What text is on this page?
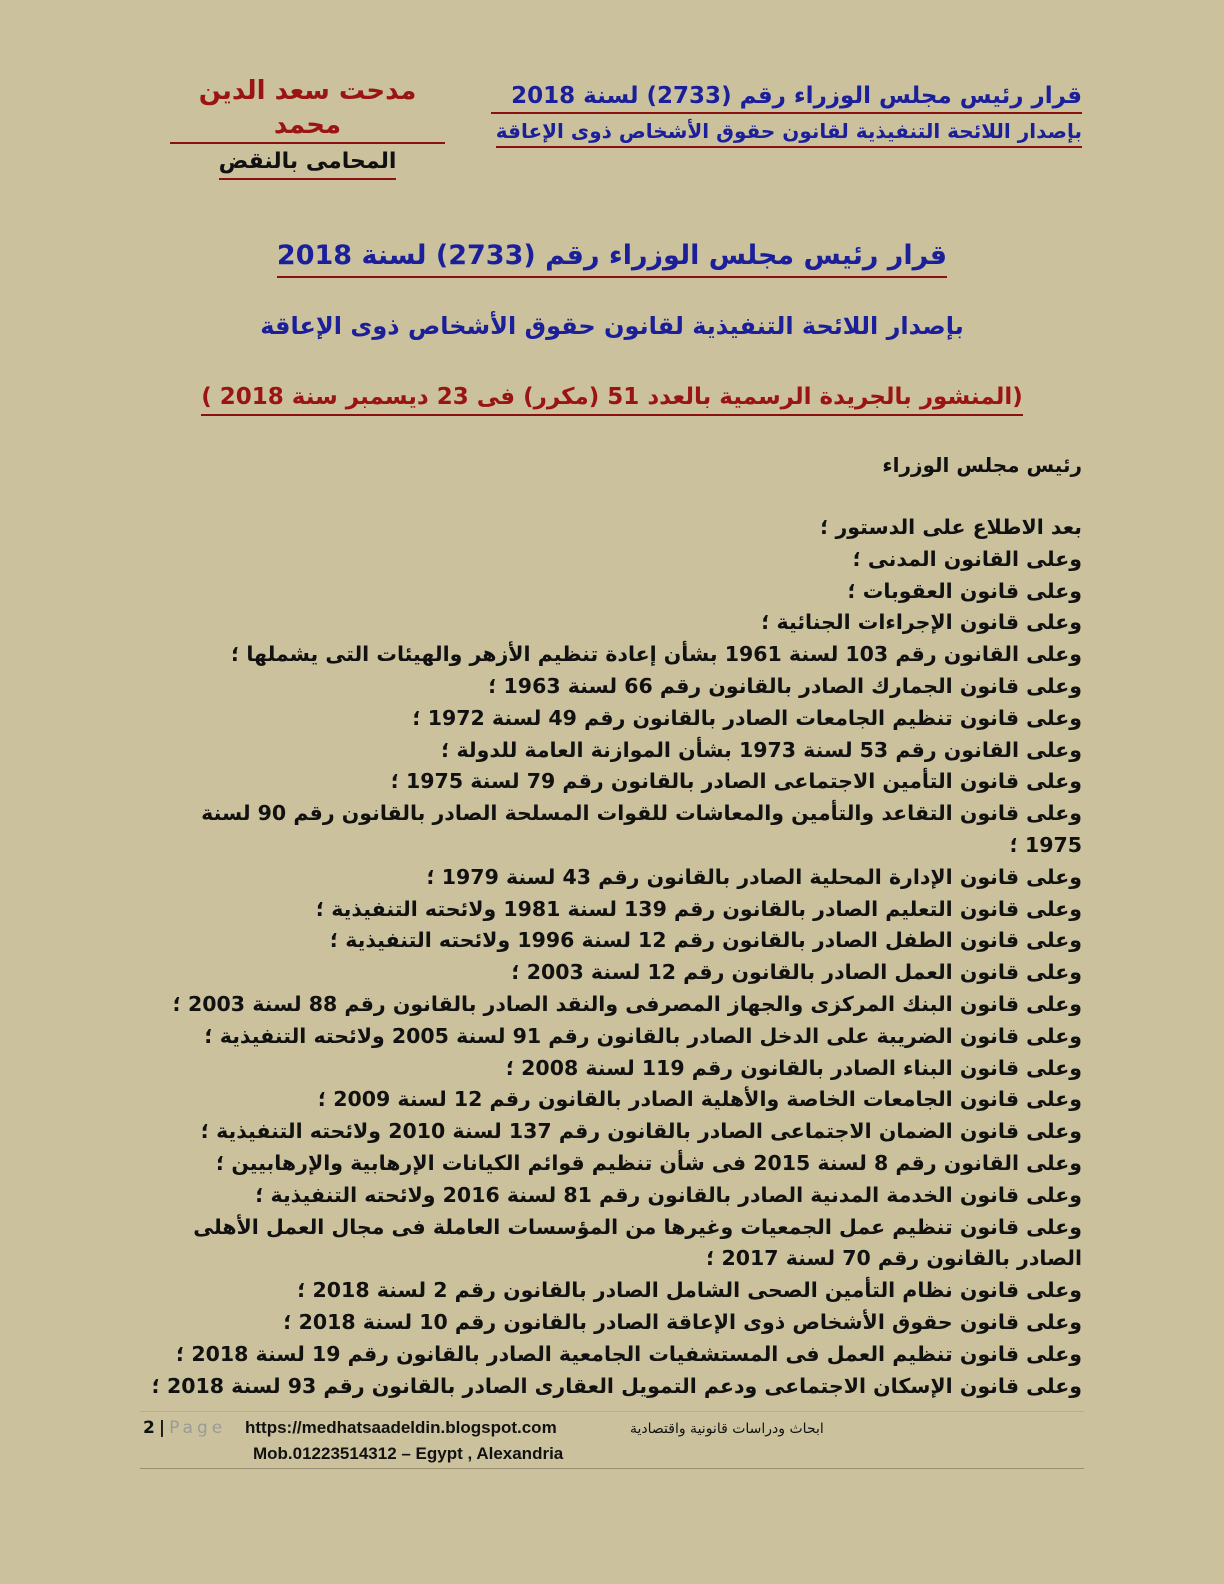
قرار رئيس مجلس الوزراء رقم (2733) لسنة 2018
بإصدار اللائحة التنفيذية لقانون حقوق الأشخاص ذوى الإعاقة
مدحت سعد الدين محمد
المحامى بالنقض
قرار رئيس مجلس الوزراء رقم (2733) لسنة 2018
بإصدار اللائحة التنفيذية لقانون حقوق الأشخاص ذوى الإعاقة
(المنشور بالجريدة الرسمية بالعدد 51 (مكرر) فى 23 ديسمبر سنة 2018 )
رئيس مجلس الوزراء
بعد الاطلاع على الدستور ؛
وعلى القانون المدنى ؛
وعلى قانون العقوبات ؛
وعلى قانون الإجراءات الجنائية ؛
وعلى القانون رقم 103 لسنة 1961 بشأن إعادة تنظيم الأزهر والهيئات التى يشملها ؛
وعلى قانون الجمارك الصادر بالقانون رقم 66 لسنة 1963 ؛
وعلى قانون تنظيم الجامعات الصادر بالقانون رقم 49 لسنة 1972 ؛
وعلى القانون رقم 53 لسنة 1973 بشأن الموازنة العامة للدولة ؛
وعلى قانون التأمين الاجتماعى الصادر بالقانون رقم 79 لسنة 1975 ؛
وعلى قانون التقاعد والتأمين والمعاشات للقوات المسلحة الصادر بالقانون رقم 90 لسنة 1975 ؛
وعلى قانون الإدارة المحلية الصادر بالقانون رقم 43 لسنة 1979 ؛
وعلى قانون التعليم الصادر بالقانون رقم 139 لسنة 1981 ولائحته التنفيذية ؛
وعلى قانون الطفل الصادر بالقانون رقم 12 لسنة 1996 ولائحته التنفيذية ؛
وعلى قانون العمل الصادر بالقانون رقم 12 لسنة 2003 ؛
وعلى قانون البنك المركزى والجهاز المصرفى والنقد الصادر بالقانون رقم 88 لسنة 2003 ؛
وعلى قانون الضريبة على الدخل الصادر بالقانون رقم 91 لسنة 2005 ولائحته التنفيذية ؛
وعلى قانون البناء الصادر بالقانون رقم 119 لسنة 2008 ؛
وعلى قانون الجامعات الخاصة والأهلية الصادر بالقانون رقم 12 لسنة 2009 ؛
وعلى قانون الضمان الاجتماعى الصادر بالقانون رقم 137 لسنة 2010 ولائحته التنفيذية ؛
وعلى القانون رقم 8 لسنة 2015 فى شأن تنظيم قوائم الكيانات الإرهابية والإرهابيين ؛
وعلى قانون الخدمة المدنية الصادر بالقانون رقم 81 لسنة 2016 ولائحته التنفيذية ؛
وعلى قانون تنظيم عمل الجمعيات وغيرها من المؤسسات العاملة فى مجال العمل الأهلى الصادر بالقانون رقم 70 لسنة 2017 ؛
وعلى قانون نظام التأمين الصحى الشامل الصادر بالقانون رقم 2 لسنة 2018 ؛
وعلى قانون حقوق الأشخاص ذوى الإعاقة الصادر بالقانون رقم 10 لسنة 2018 ؛
وعلى قانون تنظيم العمل فى المستشفيات الجامعية الصادر بالقانون رقم 19 لسنة 2018 ؛
وعلى قانون الإسكان الاجتماعى ودعم التمويل العقارى الصادر بالقانون رقم 93 لسنة 2018 ؛
2 | Page https://medhatsaadeldin.blogspot.com	ابحاث ودراسات قانونية واقتصادية
Mob.01223514312 – Egypt , Alexandria
